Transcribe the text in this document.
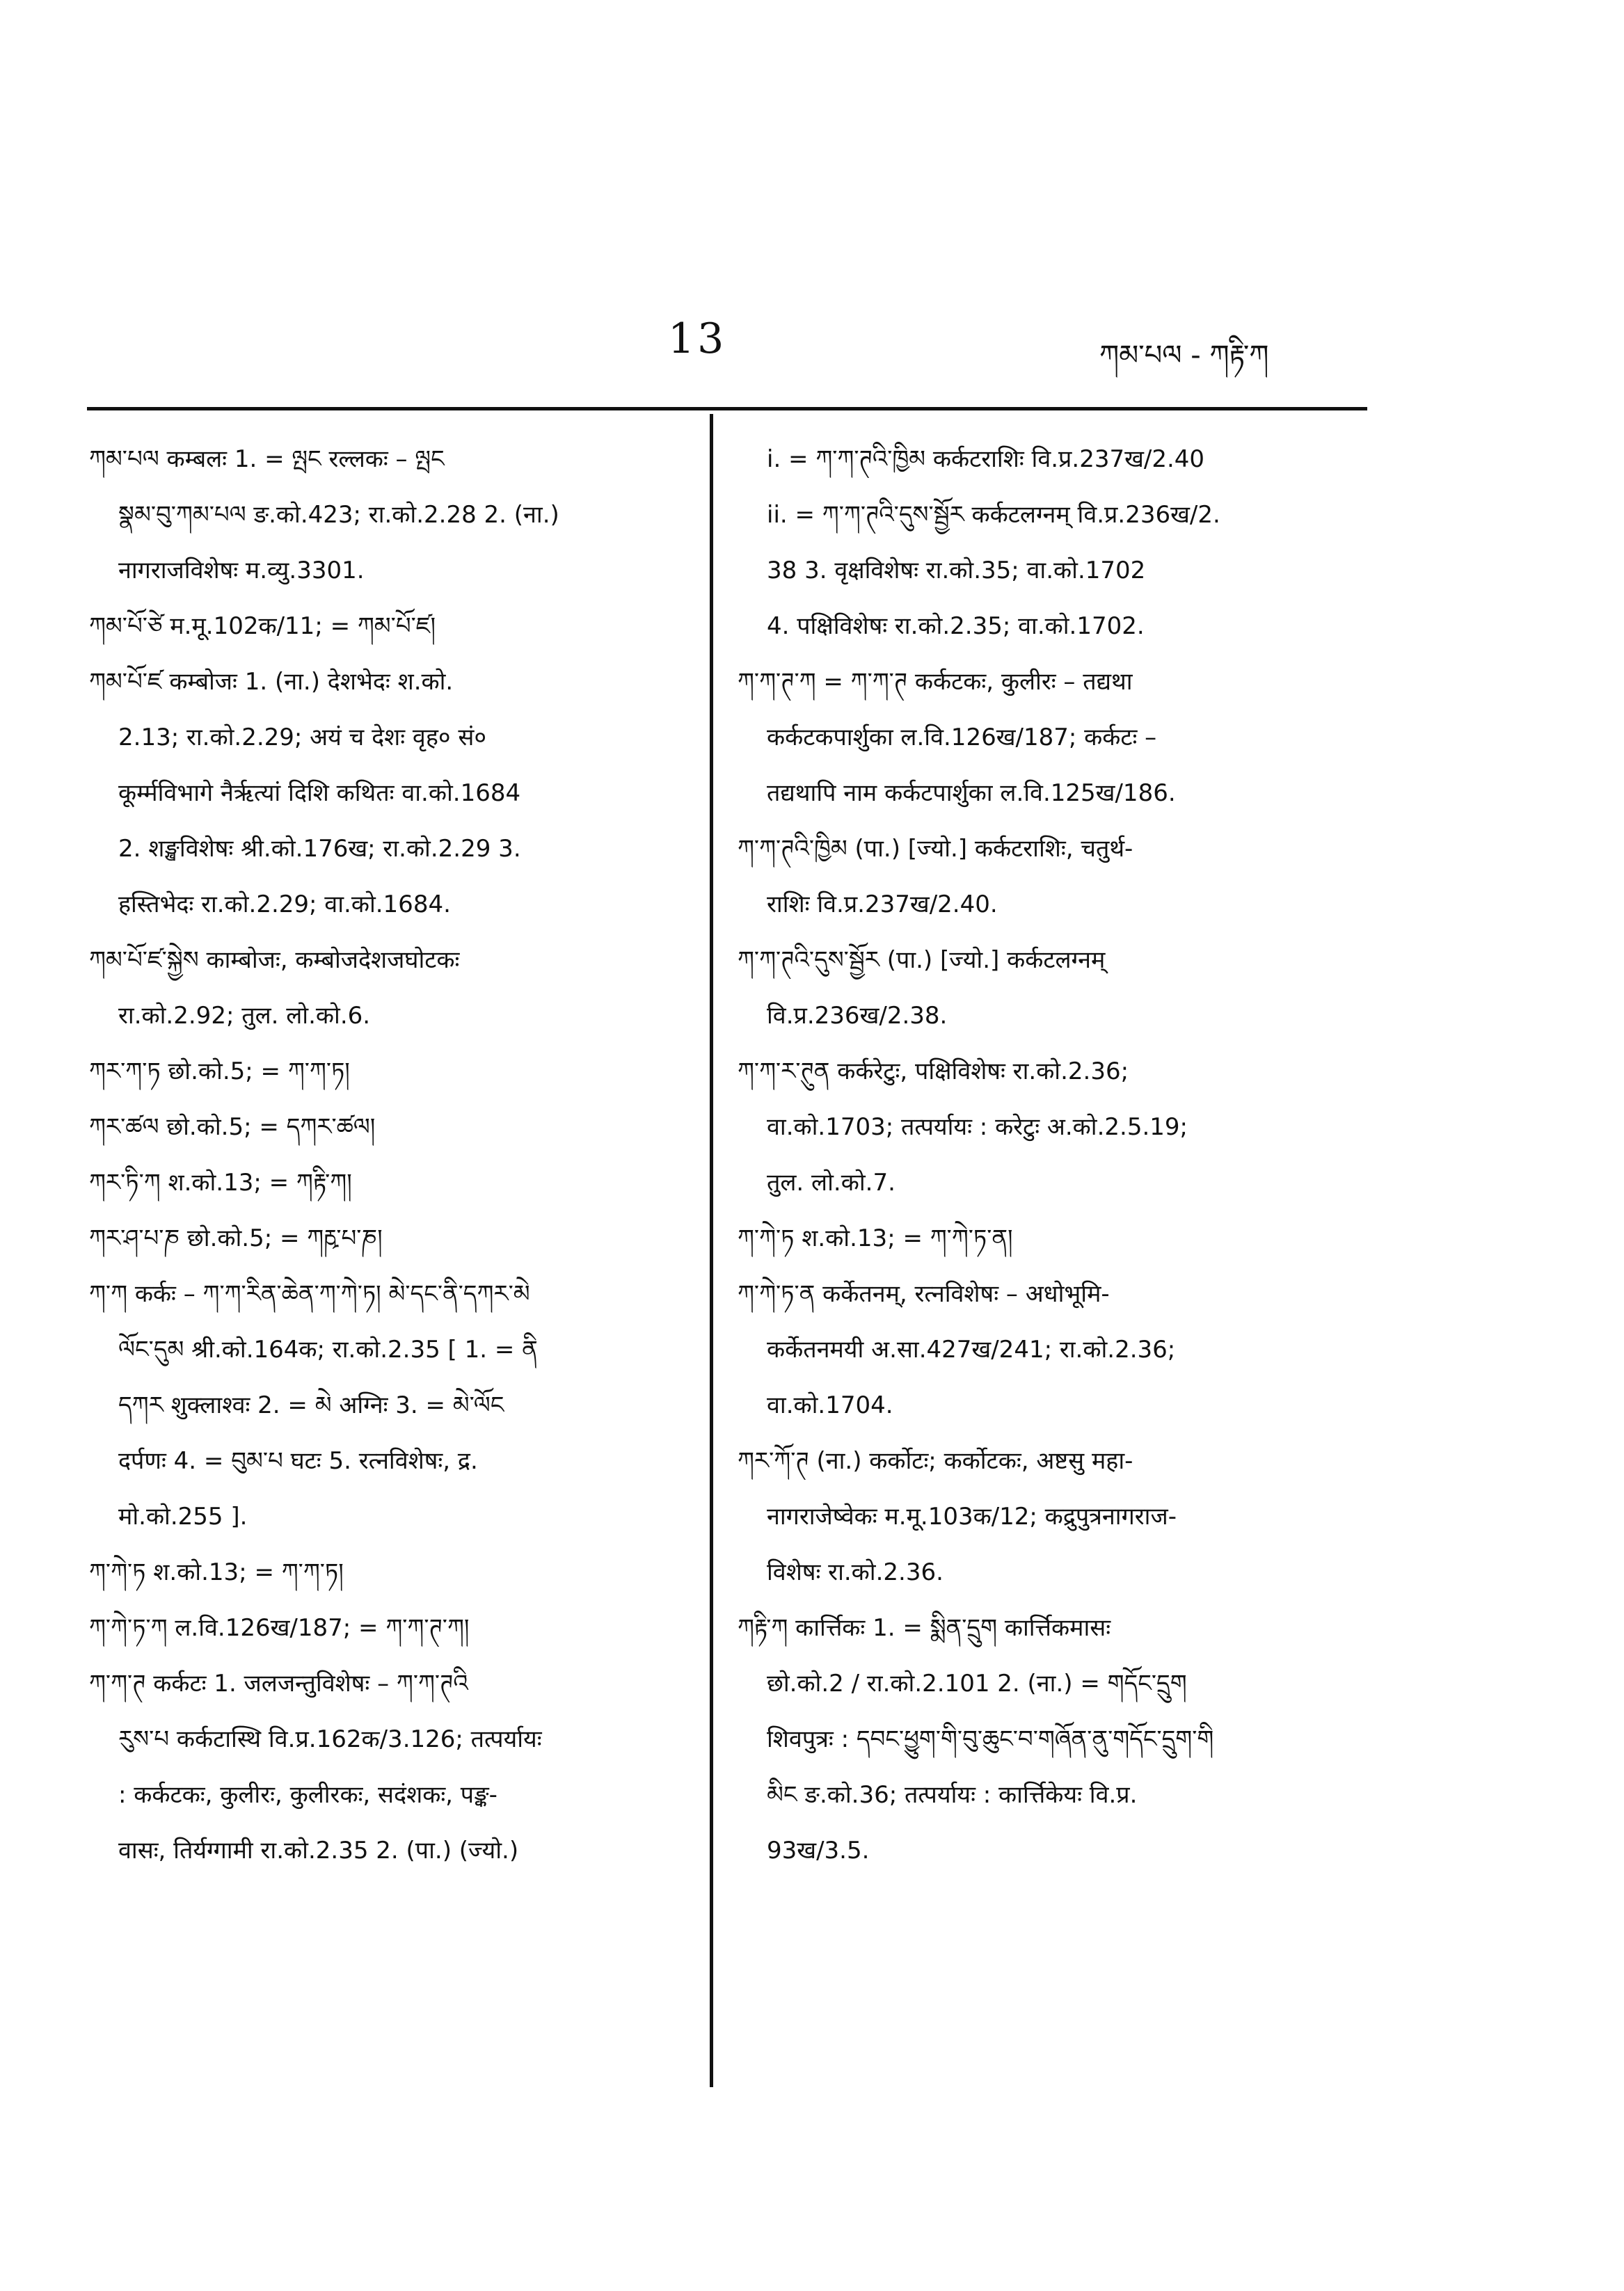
13	ཀམ་པལ - ཀརྟི་ཀ
ཀམ་པལ कम्बलः 1. = ལྤང रल्लकः – ལྤང
སྣམ་བུ་ཀམ་པལ ङ.को.423; रा.को.2.28 2. (ना.)
नागराजविशेषः म.व्यु.3301.
ཀམ་པོ་ཙེ म.मू.102क/11; = ཀམ་པོ་ཛ།
ཀམ་པོ་ཛ कम्बोजः 1. (ना.) देशभेदः श.को.
2.13; रा.को.2.29; अयं च देशः वृह० सं०
कूर्म्मविभागे नैर्ऋत्यां दिशि कथितः वा.को.1684
2. शङ्खविशेषः श्री.को.176ख; रा.को.2.29 3.
हस्तिभेदः रा.को.2.29; वा.को.1684.
ཀམ་པོ་ཛ་སྐྱེས काम्बोजः, कम्बोजदेशजघोटकः
रा.को.2.92; तुल. लो.को.6.
ཀར་ཀ་ཏ छो.को.5; = ཀ་ཀ་ཏ།
ཀར་ཚལ छो.को.5; = དཀར་ཚལ།
ཀར་ཏི་ཀ श.को.13; = ཀརྟི་ཀ།
ཀར་ཤ་པ་ཎ छो.को.5; = ཀརྵ་པ་ཎ།
ཀ་ཀ कर्कः – ཀ་ཀ་རིན་ཆེན་ཀ་ཀེ་ཏ། མེ་དང་ནི་དཀར་མེ
ལོང་དུམ श्री.को.164क; रा.को.2.35 [ 1. = ནི
དཀར शुक्लाश्वः 2. = མེ अग्निः 3. = མེ་ལོང
दर्पणः 4. = བུམ་པ घटः 5. रत्नविशेषः, द्र.
मो.को.255 ].
ཀ་ཀེ་ཏ श.को.13; = ཀ་ཀ་ཏ།
ཀ་ཀེ་ཏ་ཀ ल.वि.126ख/187; = ཀ་ཀ་ཊ་ཀ།
ཀ་ཀ་ཊ कर्कटः 1. जलजन्तुविशेषः – ཀ་ཀ་ཊའི
རུས་པ कर्कटास्थि वि.प्र.162क/3.126; तत्पर्यायः
: कर्कटकः, कुलीरः, कुलीरकः, सदंशकः, पङ्क-
वासः, तिर्यग्गामी रा.को.2.35 2. (पा.) (ज्यो.)
i. = ཀ་ཀ་ཊའི་ཁྱིམ कर्कटराशिः वि.प्र.237ख/2.40
ii. = ཀ་ཀ་ཊའི་དུས་སྦྱོར कर्कटलग्नम् वि.प्र.236ख/2.
38 3. वृक्षविशेषः रा.को.35; वा.को.1702
4. पक्षिविशेषः रा.को.2.35; वा.को.1702.
ཀ་ཀ་ཊ་ཀ = ཀ་ཀ་ཊ कर्कटकः, कुलीरः – तद्यथा
कर्कटकपार्शुका ल.वि.126ख/187; कर्कटः –
तद्यथापि नाम कर्कटपार्शुका ल.वि.125ख/186.
ཀ་ཀ་ཊའི་ཁྱིམ (पा.) [ज्यो.] कर्कटराशिः, चतुर्थ-
राशिः वि.प्र.237ख/2.40.
ཀ་ཀ་ཊའི་དུས་སྦྱོར (पा.) [ज्यो.] कर्कटलग्नम्
वि.प्र.236ख/2.38.
ཀ་ཀ་ར་ཊུན कर्करेटुः, पक्षिविशेषः रा.को.2.36;
वा.को.1703; तत्पर्यायः : करेटुः अ.को.2.5.19;
तुल. लो.को.7.
ཀ་ཀེ་ཏ श.को.13; = ཀ་ཀེ་ཏ་ན།
ཀ་ཀེ་ཏ་ན कर्केतनम्, रत्नविशेषः – अधोभूमि-
कर्केतनमयी अ.सा.427ख/241; रा.को.2.36;
वा.को.1704.
ཀར་ཀོ་ཊ (ना.) कर्कोटः; कर्कोटकः, अष्टसु महा-
नागराजेष्वेकः म.मू.103क/12; कद्रुपुत्रनागराज-
विशेषः रा.को.2.36.
ཀརྟི་ཀ कार्त्तिकः 1. = སྨིན་དྲུག कार्त्तिकमासः
छो.को.2 / रा.को.2.101 2. (ना.) = གདོང་དྲུག
शिवपुत्रः : དབང་ཕྱུག་གི་བུ་ཆུང་བ་གཞོན་ནུ་གདོང་དྲུག་གི
མིང ङ.को.36; तत्पर्यायः : कार्त्तिकेयः वि.प्र.
93ख/3.5.
